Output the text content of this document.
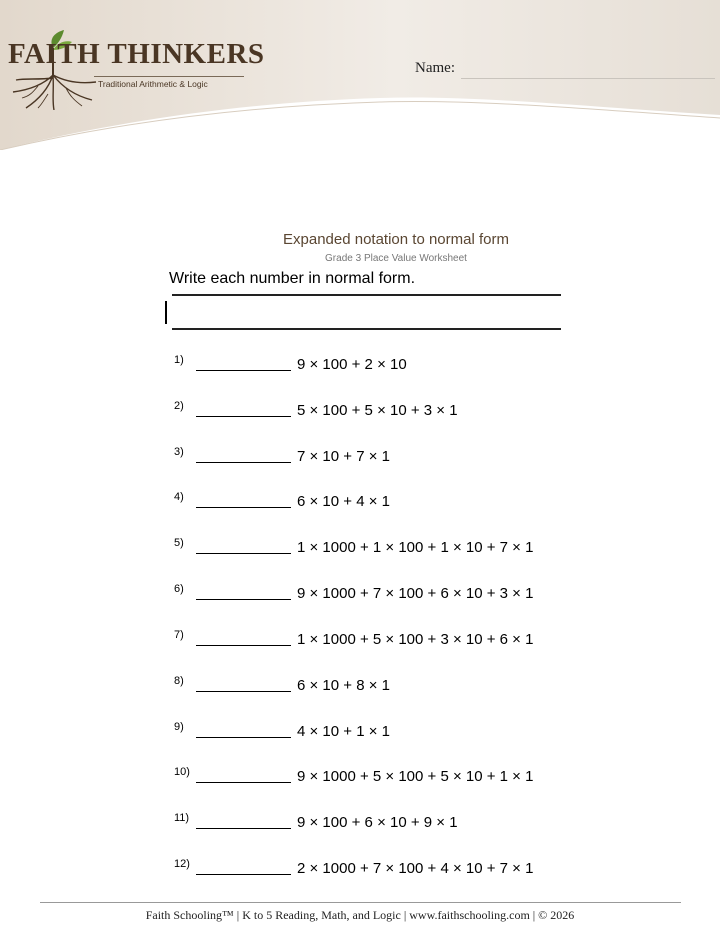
FAITH THINKERS
Traditional Arithmetic & Logic
Name:
Expanded notation to normal form
Grade 3 Place Value Worksheet
Write each number in normal form.
1)	9 × 100 + 2 × 10
2)	5 × 100 + 5 × 10 + 3 × 1
3)	7 × 10 + 7 × 1
4)	6 × 10 + 4 × 1
5)	1 × 1000 + 1 × 100 + 1 × 10 + 7 × 1
6)	9 × 1000 + 7 × 100 + 6 × 10 + 3 × 1
7)	1 × 1000 + 5 × 100 + 3 × 10 + 6 × 1
8)	6 × 10 + 8 × 1
9)	4 × 10 + 1 × 1
10)	9 × 1000 + 5 × 100 + 5 × 10 + 1 × 1
11)	9 × 100 + 6 × 10 + 9 × 1
12)	2 × 1000 + 7 × 100 + 4 × 10 + 7 × 1
Faith Schooling™ | K to 5 Reading, Math, and Logic | www.faithschooling.com | © 2026
